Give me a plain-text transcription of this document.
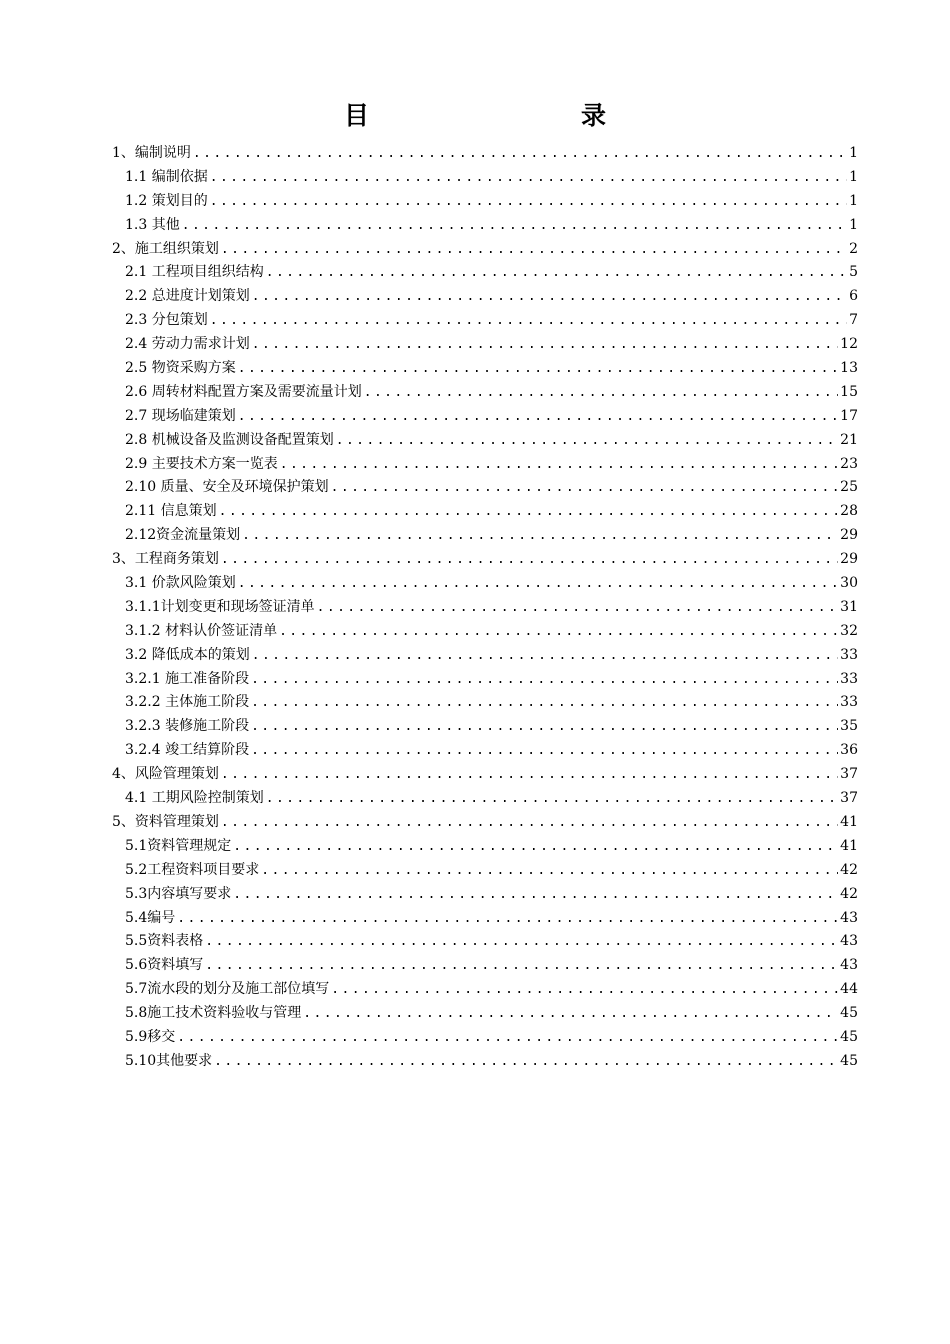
目　　录
1、编制说明 .....	1
1.1 编制依据 .....	1
1.2 策划目的 .....	1
1.3 其他 .....	1
2、施工组织策划 .....	2
2.1 工程项目组织结构 .....	5
2.2 总进度计划策划 .....	6
2.3 分包策划 .....	7
2.4 劳动力需求计划 .....	12
2.5 物资采购方案 .....	13
2.6 周转材料配置方案及需要流量计划 .....	15
2.7 现场临建策划 .....	17
2.8 机械设备及监测设备配置策划 .....	21
2.9 主要技术方案一览表 .....	23
2.10 质量、安全及环境保护策划 .....	25
2.11 信息策划 .....	28
2.12资金流量策划 .....	29
3、工程商务策划 .....	29
3.1 价款风险策划 .....	30
3.1.1计划变更和现场签证清单 .....	31
3.1.2 材料认价签证清单 .....	32
3.2 降低成本的策划 .....	33
3.2.1 施工准备阶段 .....	33
3.2.2 主体施工阶段 .....	33
3.2.3 装修施工阶段 .....	35
3.2.4 竣工结算阶段 .....	36
4、风险管理策划 .....	37
4.1 工期风险控制策划 .....	37
5、资料管理策划 .....	41
5.1资料管理规定 .....	41
5.2工程资料项目要求 .....	42
5.3内容填写要求 .....	42
5.4编号 .....	43
5.5资料表格 .....	43
5.6资料填写 .....	43
5.7流水段的划分及施工部位填写 .....	44
5.8施工技术资料验收与管理 .....	45
5.9移交 .....	45
5.10其他要求 .....	45
